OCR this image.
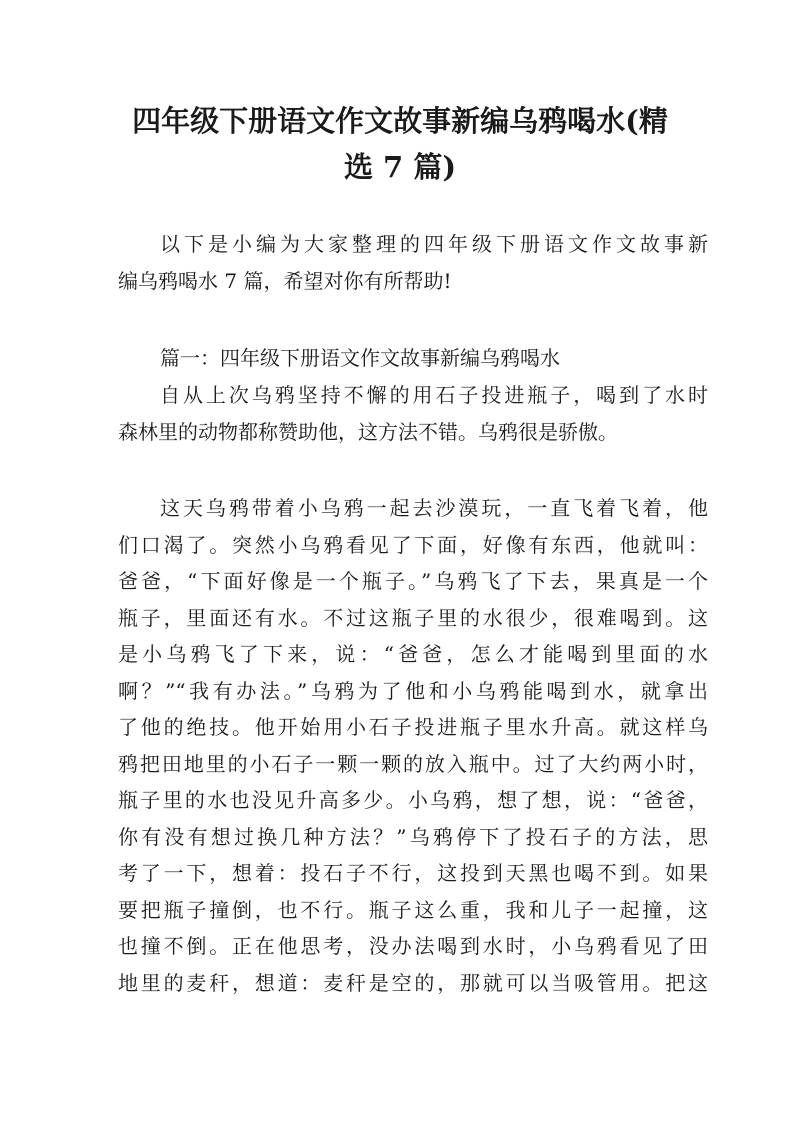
四年级下册语文作文故事新编乌鸦喝水(精
选 7 篇)
以下是小编为大家整理的四年级下册语文作文故事新
编乌鸦喝水 7 篇，希望对你有所帮助!
篇一：四年级下册语文作文故事新编乌鸦喝水
自从上次乌鸦坚持不懈的用石子投进瓶子，喝到了水时
森林里的动物都称赞助他，这方法不错。乌鸦很是骄傲。
这天乌鸦带着小乌鸦一起去沙漠玩，一直飞着飞着，他
们口渴了。突然小乌鸦看见了下面，好像有东西，他就叫：
爸爸，“下面好像是一个瓶子。”乌鸦飞了下去，果真是一个
瓶子，里面还有水。不过这瓶子里的水很少，很难喝到。这
是小乌鸦飞了下来，说：“爸爸，怎么才能喝到里面的水
啊？”“我有办法。”乌鸦为了他和小乌鸦能喝到水，就拿出
了他的绝技。他开始用小石子投进瓶子里水升高。就这样乌
鸦把田地里的小石子一颗一颗的放入瓶中。过了大约两小时，
瓶子里的水也没见升高多少。小乌鸦，想了想，说：“爸爸，
你有没有想过换几种方法？”乌鸦停下了投石子的方法，思
考了一下，想着：投石子不行，这投到天黑也喝不到。如果
要把瓶子撞倒，也不行。瓶子这么重，我和儿子一起撞，这
也撞不倒。正在他思考，没办法喝到水时，小乌鸦看见了田
地里的麦秆，想道：麦秆是空的，那就可以当吸管用。把这
